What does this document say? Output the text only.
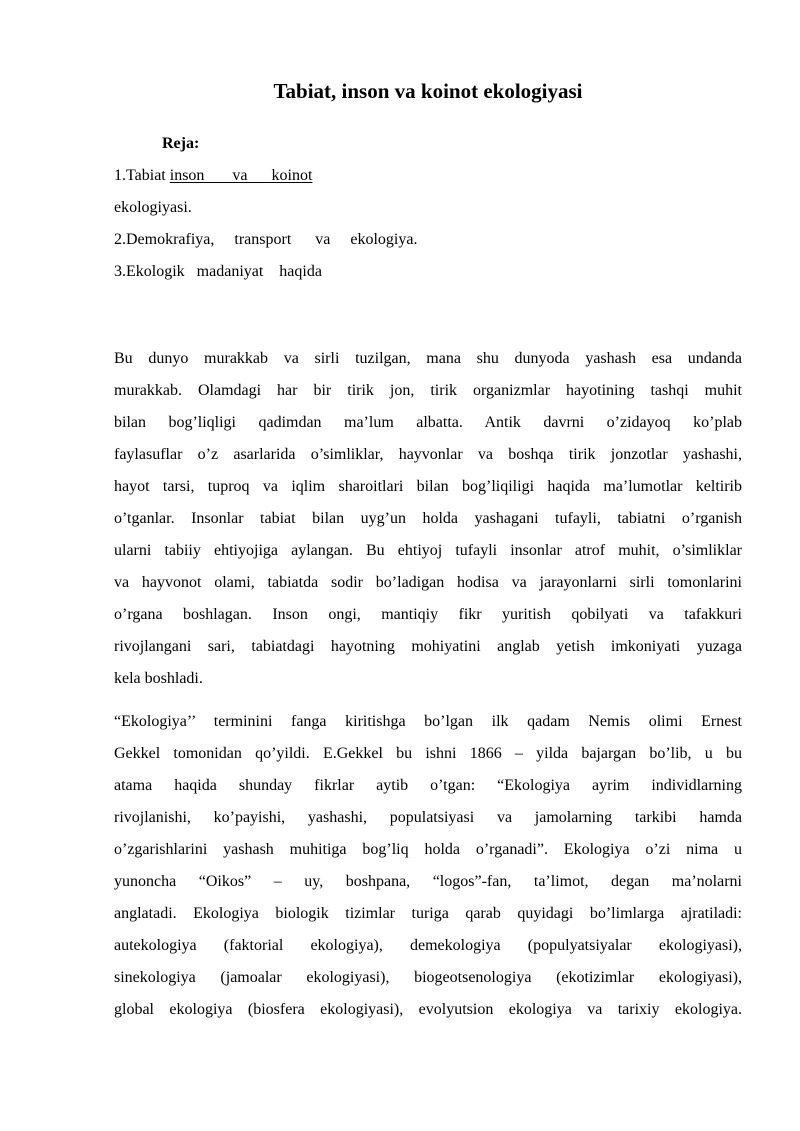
Tabiat, inson va koinot ekologiyasi
Reja:
1.Tabiat inson       va      koinot
ekologiyasi.
2.Demokrafiya,     transport      va     ekologiya.
3.Ekologik   madaniyat    haqida
Bu dunyo murakkab va sirli tuzilgan, mana shu dunyoda yashash esa undanda
murakkab. Olamdagi har bir tirik jon, tirik organizmlar hayotining tashqi muhit
bilan bog’liqligi qadimdan ma’lum albatta. Antik davrni o’zidayoq ko’plab
faylasuflar o’z asarlarida o’simliklar, hayvonlar va boshqa tirik jonzotlar yashashi,
hayot tarsi, tuproq va iqlim sharoitlari bilan bog’liqiligi haqida ma’lumotlar keltirib
o’tganlar. Insonlar tabiat bilan uyg’un holda yashagani tufayli, tabiatni o’rganish
ularni tabiiy ehtiyojiga aylangan. Bu ehtiyoj tufayli insonlar atrof muhit, o’simliklar
va hayvonot olami, tabiatda sodir bo’ladigan hodisa va jarayonlarni sirli tomonlarini
o’rgana boshlagan. Inson ongi, mantiqiy fikr yuritish qobilyati va tafakkuri
rivojlangani sari, tabiatdagi hayotning mohiyatini anglab yetish imkoniyati yuzaga
kela boshladi.
“Ekologiya’’ terminini fanga kiritishga bo’lgan ilk qadam Nemis olimi Ernest
Gekkel tomonidan qo’yildi. E.Gekkel bu ishni 1866 – yilda bajargan bo’lib, u bu
atama haqida shunday fikrlar aytib o’tgan: “Ekologiya ayrim individlarning
rivojlanishi, ko’payishi, yashashi, populatsiyasi va jamolarning tarkibi hamda
o’zgarishlarini yashash muhitiga bog’liq holda o’rganadi”. Ekologiya o’zi nima u
yunoncha “Oikos” – uy, boshpana, “logos”-fan, ta’limot, degan ma’nolarni
anglatadi. Ekologiya biologik tizimlar turiga qarab quyidagi bo’limlarga ajratiladi:
autekologiya (faktorial ekologiya), demekologiya (populyatsiyalar ekologiyasi),
sinekologiya (jamoalar ekologiyasi), biogeotsenologiya (ekotizimlar ekologiyasi),
global ekologiya (biosfera ekologiyasi), evolyutsion ekologiya va tarixiy ekologiya.
